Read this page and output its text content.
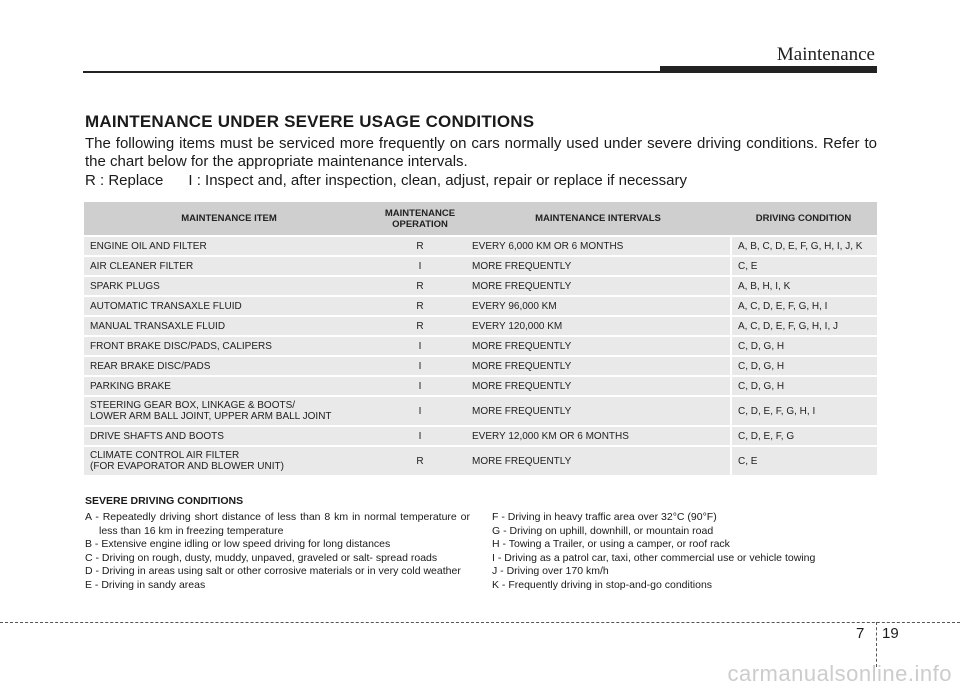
Maintenance
MAINTENANCE UNDER SEVERE USAGE CONDITIONS
The following items must be serviced more frequently on cars normally used under severe driving conditions. Refer to the chart below for the appropriate maintenance intervals.
R : Replace      I : Inspect and, after inspection, clean, adjust, repair or replace if necessary
MAINTENANCE ITEM	MAINTENANCE OPERATION	MAINTENANCE INTERVALS	DRIVING CONDITION
ENGINE OIL AND FILTER	R	EVERY 6,000 KM OR 6 MONTHS	A, B, C, D, E, F, G, H, I, J, K
AIR CLEANER FILTER	I	MORE FREQUENTLY	C, E
SPARK PLUGS	R	MORE FREQUENTLY	A, B, H, I, K
AUTOMATIC TRANSAXLE FLUID	R	EVERY 96,000 KM	A, C, D, E, F, G, H, I
MANUAL TRANSAXLE FLUID	R	EVERY 120,000 KM	A, C, D, E, F, G, H, I, J
FRONT BRAKE DISC/PADS, CALIPERS	I	MORE FREQUENTLY	C, D, G, H
REAR BRAKE DISC/PADS	I	MORE FREQUENTLY	C, D, G, H
PARKING BRAKE	I	MORE FREQUENTLY	C, D, G, H
STEERING GEAR BOX, LINKAGE & BOOTS/
LOWER ARM BALL JOINT, UPPER ARM BALL JOINT	I	MORE FREQUENTLY	C, D, E, F, G, H, I
DRIVE SHAFTS AND BOOTS	I	EVERY 12,000 KM OR 6 MONTHS	C, D, E, F, G
CLIMATE CONTROL AIR FILTER
(FOR EVAPORATOR AND BLOWER UNIT)	R	MORE FREQUENTLY	C, E
SEVERE DRIVING CONDITIONS
A - Repeatedly driving short distance of less than 8 km in normal temperature or less than 16 km in freezing temperature
B - Extensive engine idling or low speed driving for long distances
C - Driving on rough, dusty, muddy, unpaved, graveled or salt- spread roads
D - Driving in areas using salt or other corrosive materials or in very cold weather
E - Driving in sandy areas
F - Driving in heavy traffic area over 32°C (90°F)
G - Driving on uphill, downhill, or mountain road
H - Towing a Trailer, or using a camper, or roof rack
I - Driving as a patrol car, taxi, other commercial use or vehicle towing
J - Driving over 170 km/h
K - Frequently driving in stop-and-go conditions
7 19
carmanualsonline.info
